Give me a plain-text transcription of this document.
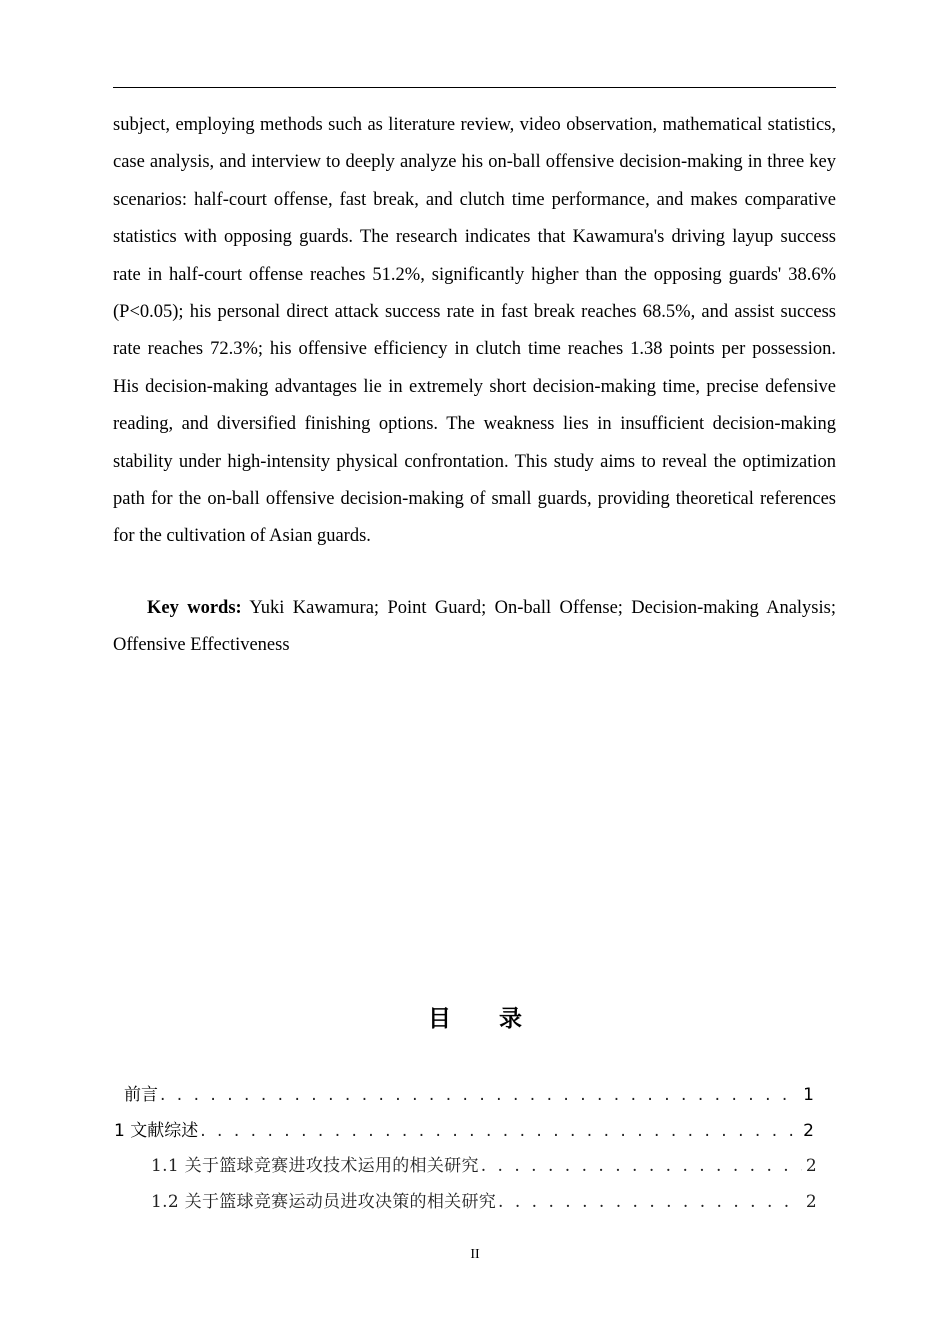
subject, employing methods such as literature review, video observation, mathematical statistics, case analysis, and interview to deeply analyze his on-ball offensive decision-making in three key scenarios: half-court offense, fast break, and clutch time performance, and makes comparative statistics with opposing guards. The research indicates that Kawamura's driving layup success rate in half-court offense reaches 51.2%, significantly higher than the opposing guards' 38.6% (P<0.05); his personal direct attack success rate in fast break reaches 68.5%, and assist success rate reaches 72.3%; his offensive efficiency in clutch time reaches 1.38 points per possession. His decision-making advantages lie in extremely short decision-making time, precise defensive reading, and diversified finishing options. The weakness lies in insufficient decision-making stability under high-intensity physical confrontation. This study aims to reveal the optimization path for the on-ball offensive decision-making of small guards, providing theoretical references for the cultivation of Asian guards.

Key words: Yuki Kawamura; Point Guard; On-ball Offense; Decision-making Analysis; Offensive Effectiveness

目 录
前言 . . .	1
1 文献综述 . . .	2
1.1 关于篮球竞赛进攻技术运用的相关研究 . . .	2
1.2 关于篮球竞赛运动员进攻决策的相关研究 . . .	2

II
